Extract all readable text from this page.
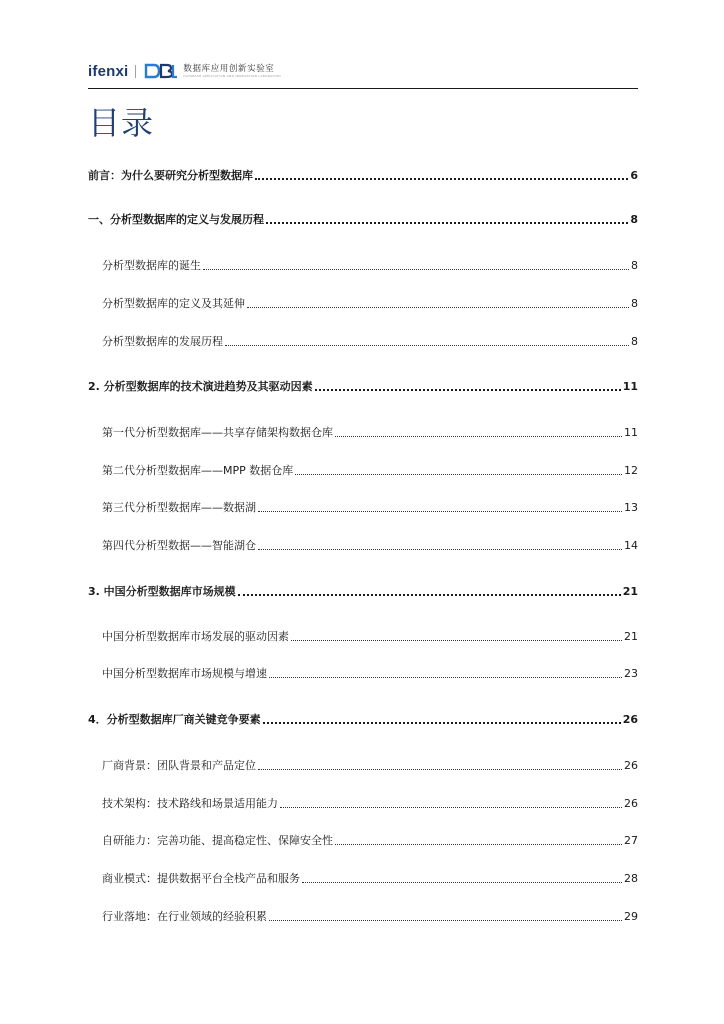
ifenxi	数据库应用创新实验室
DATABASE APPLICATION AND INNOVATION LABORATORY
目录
前言：为什么要研究分析型数据库	6
一、分析型数据库的定义与发展历程	8
分析型数据库的诞生	8
分析型数据库的定义及其延伸	8
分析型数据库的发展历程	8
2. 分析型数据库的技术演进趋势及其驱动因素	11
第一代分析型数据库——共享存储架构数据仓库	11
第二代分析型数据库——MPP 数据仓库	12
第三代分析型数据库——数据湖	13
第四代分析型数据——智能湖仓	14
3. 中国分析型数据库市场规模	21
中国分析型数据库市场发展的驱动因素	21
中国分析型数据库市场规模与增速	23
4．分析型数据库厂商关键竞争要素	26
厂商背景：团队背景和产品定位	26
技术架构：技术路线和场景适用能力	26
自研能力：完善功能、提高稳定性、保障安全性	27
商业模式：提供数据平台全栈产品和服务	28
行业落地：在行业领域的经验积累	29
